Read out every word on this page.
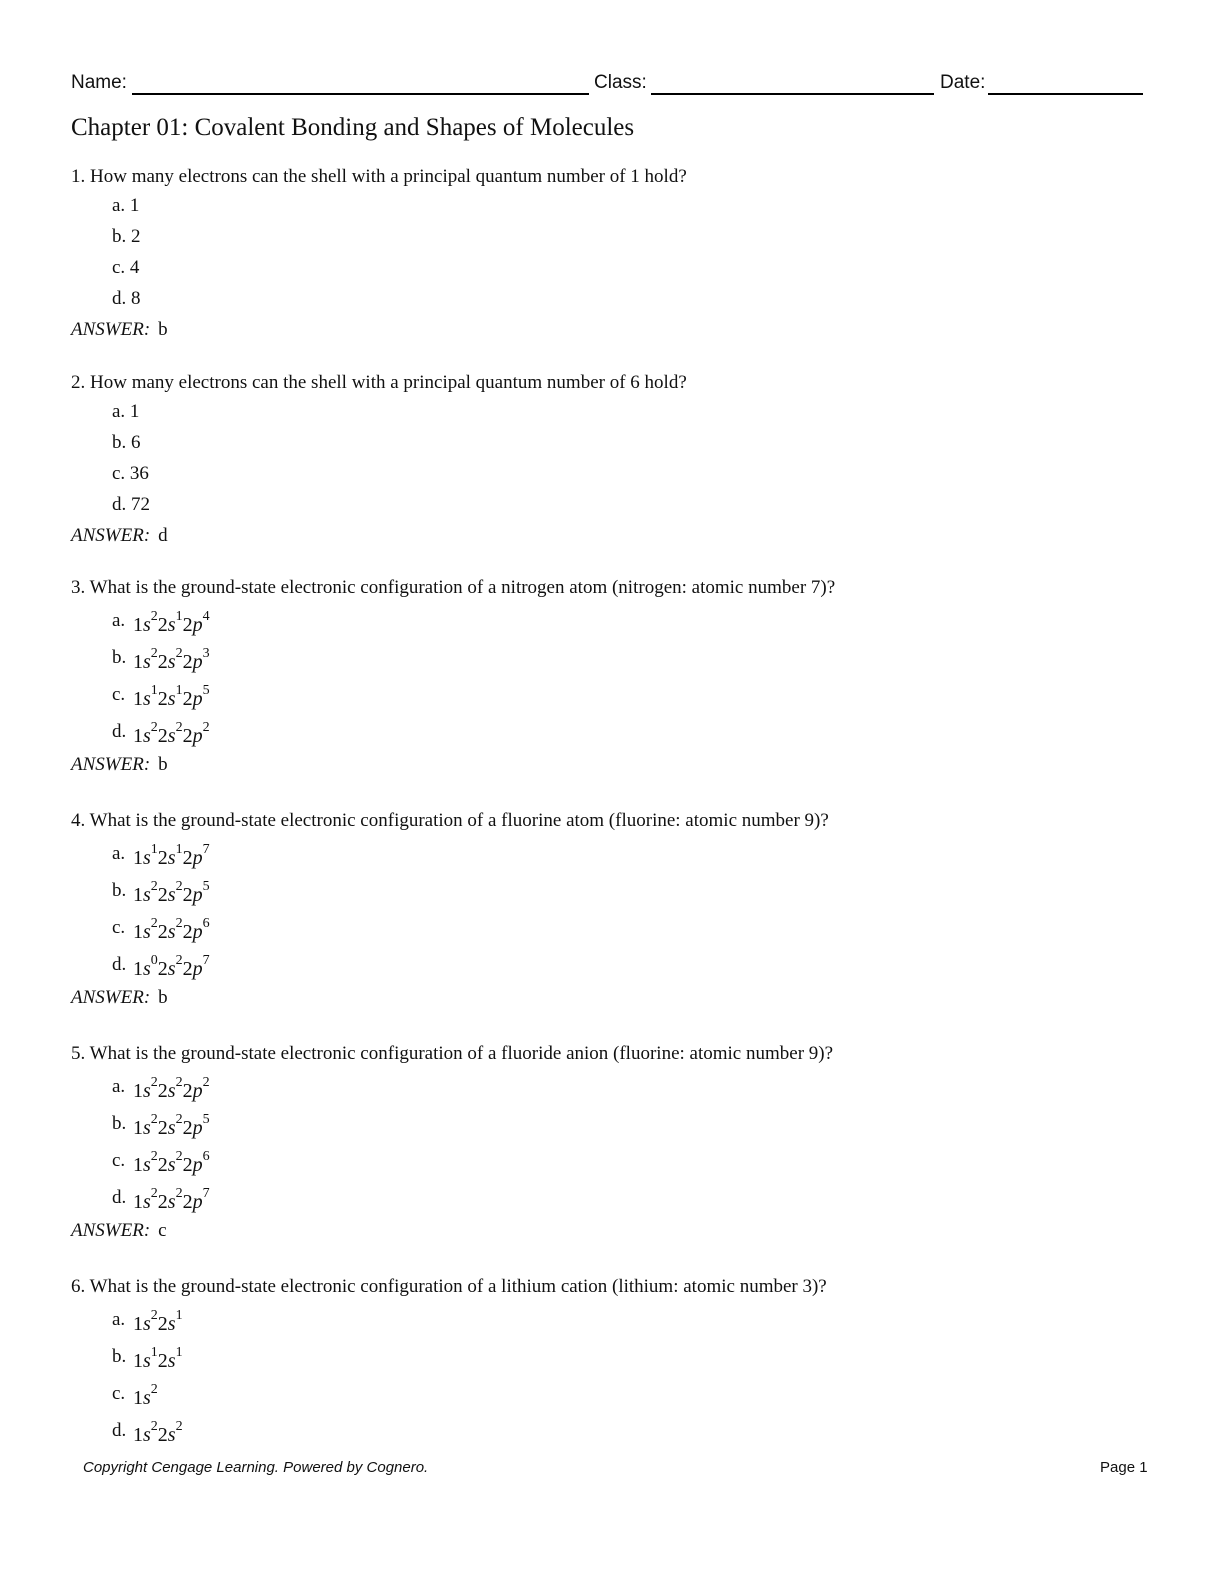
Name:	Class:	Date:
Chapter 01: Covalent Bonding and Shapes of Molecules
1. How many electrons can the shell with a principal quantum number of 1 hold?
a. 1
b. 2
c. 4
d. 8
ANSWER: b
2. How many electrons can the shell with a principal quantum number of 6 hold?
a. 1
b. 6
c. 36
d. 72
ANSWER: d
3. What is the ground-state electronic configuration of a nitrogen atom (nitrogen: atomic number 7)?
a. $1s^22s^12p^4$
b. $1s^22s^22p^3$
c. $1s^12s^12p^5$
d. $1s^22s^22p^2$
ANSWER: b
4. What is the ground-state electronic configuration of a fluorine atom (fluorine: atomic number 9)?
a. $1s^12s^12p^7$
b. $1s^22s^22p^5$
c. $1s^22s^22p^6$
d. $1s^02s^22p^7$
ANSWER: b
5. What is the ground-state electronic configuration of a fluoride anion (fluorine: atomic number 9)?
a. $1s^22s^22p^2$
b. $1s^22s^22p^5$
c. $1s^22s^22p^6$
d. $1s^22s^22p^7$
ANSWER: c
6. What is the ground-state electronic configuration of a lithium cation (lithium: atomic number 3)?
a. $1s^22s^1$
b. $1s^12s^1$
c. $1s^2$
d. $1s^22s^2$
Copyright Cengage Learning. Powered by Cognero.	Page 1
